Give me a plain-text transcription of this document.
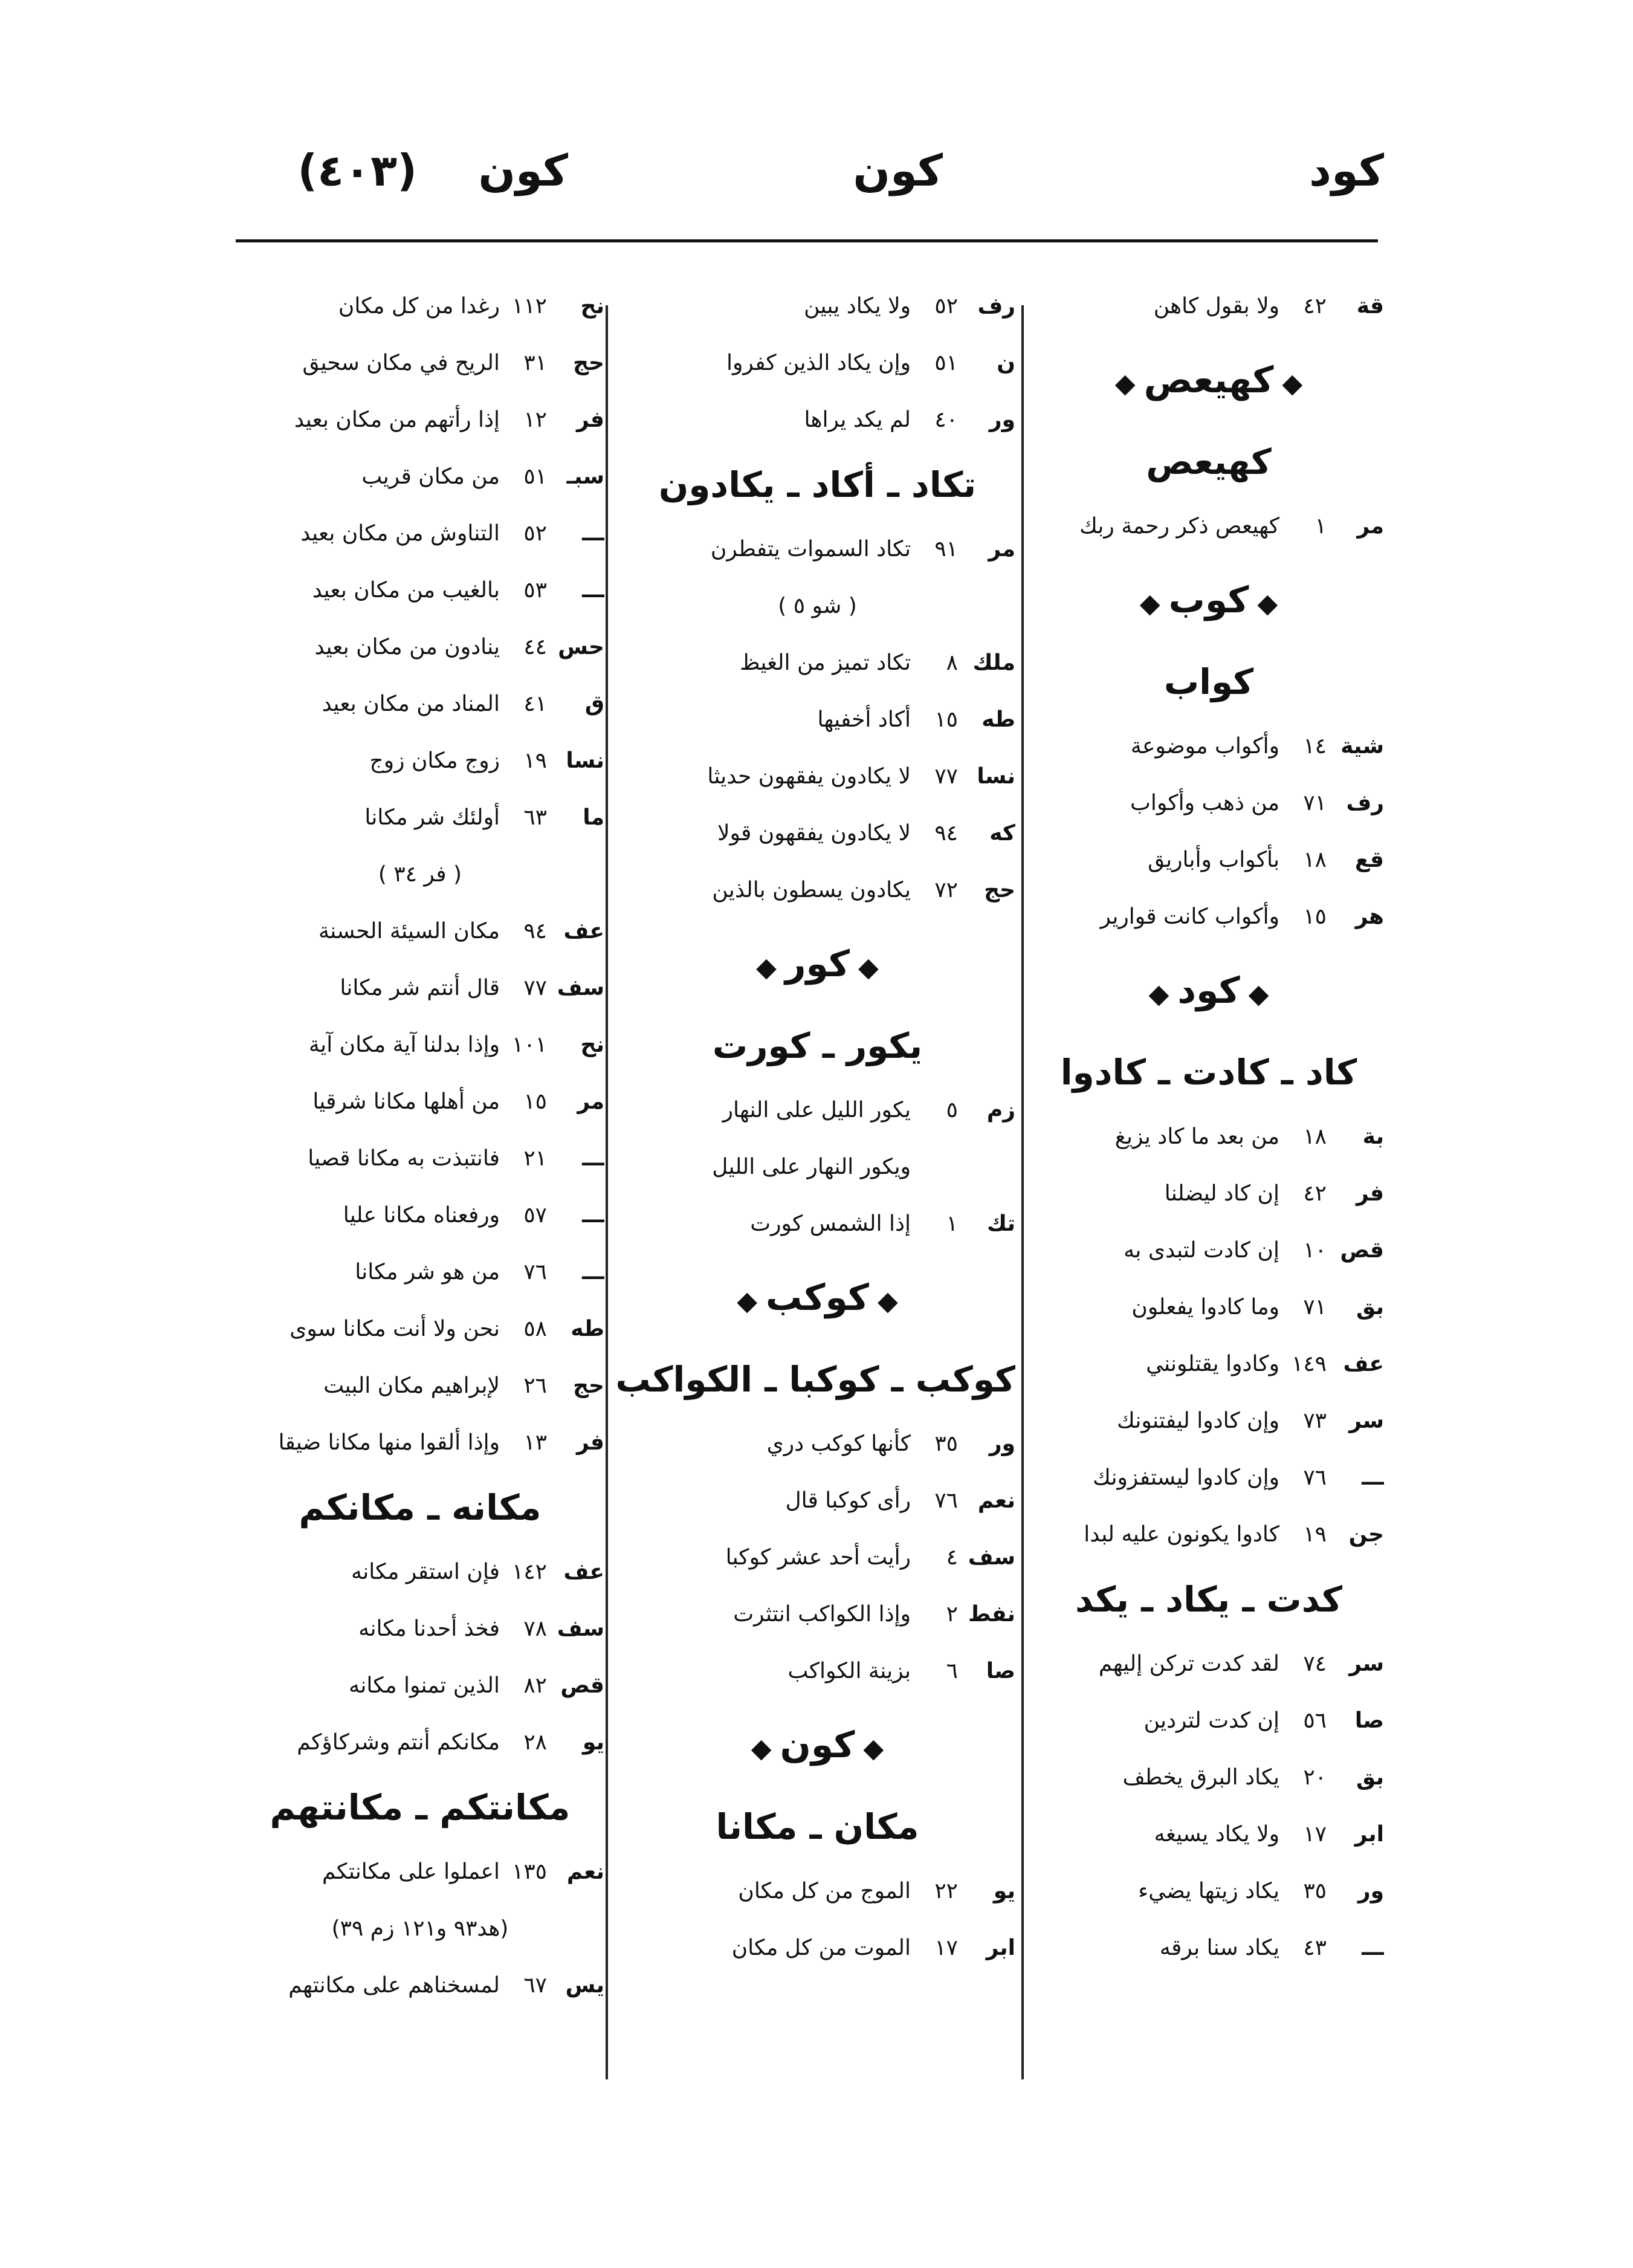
كود
كون
كون
(٤٠٣)
قة
٤٢
ولا بقول كاهن
◆كهيعص◆
كهيعص
مر
١
كهيعص ذكر رحمة ربك
◆كوب◆
كواب
شية
١٤
وأكواب موضوعة
رف
٧١
من ذهب وأكواب
قع
١٨
بأكواب وأباريق
هر
١٥
وأكواب كانت قوارير
◆كود◆
كاد ـ كادت ـ كادوا
بة
١٨
من بعد ما كاد يزيغ
فر
٤٢
إن كاد ليضلنا
قص
١٠
إن كادت لتبدى به
بق
٧١
وما كادوا يفعلون
عف
١٤٩
وكادوا يقتلونني
سر
٧٣
وإن كادوا ليفتنونك
ـــ
٧٦
وإن كادوا ليستفزونك
جن
١٩
كادوا يكونون عليه لبدا
كدت ـ يكاد ـ يكد
سر
٧٤
لقد كدت تركن إليهم
صا
٥٦
إن كدت لتردين
بق
٢٠
يكاد البرق يخطف
ابر
١٧
ولا يكاد يسيغه
ور
٣٥
يكاد زيتها يضيء
ـــ
٤٣
يكاد سنا برقه
رف
٥٢
ولا يكاد يبين
ن
٥١
وإن يكاد الذين كفروا
ور
٤٠
لم يكد يراها
تكاد ـ أكاد ـ يكادون
مر
٩١
تكاد السموات يتفطرن
( شو ٥ )
ملك
٨
تكاد تميز من الغيظ
طه
١٥
أكاد أخفيها
نسا
٧٧
لا يكادون يفقهون حديثا
كه
٩٤
لا يكادون يفقهون قولا
حج
٧٢
يكادون يسطون بالذين
◆كور◆
يكور ـ كورت
زم
٥
يكور الليل على النهار
ويكور النهار على الليل
تك
١
إذا الشمس كورت
◆كوكب◆
كوكب ـ كوكبا ـ الكواكب
ور
٣٥
كأنها كوكب دري
نعم
٧٦
رأى كوكبا قال
سف
٤
رأيت أحد عشر كوكبا
نفط
٢
وإذا الكواكب انتثرت
صا
٦
بزينة الكواكب
◆كون◆
مكان ـ مكانا
يو
٢٢
الموج من كل مكان
ابر
١٧
الموت من كل مكان
نح
١١٢
رغدا من كل مكان
حج
٣١
الريح في مكان سحيق
فر
١٢
إذا رأتهم من مكان بعيد
سبـ
٥١
من مكان قريب
ـــ
٥٢
التناوش من مكان بعيد
ـــ
٥٣
بالغيب من مكان بعيد
حس
٤٤
ينادون من مكان بعيد
ق
٤١
المناد من مكان بعيد
نسا
١٩
زوج مكان زوج
ما
٦٣
أولئك شر مكانا
( فر ٣٤ )
عف
٩٤
مكان السيئة الحسنة
سف
٧٧
قال أنتم شر مكانا
نح
١٠١
وإذا بدلنا آية مكان آية
مر
١٥
من أهلها مكانا شرقيا
ـــ
٢١
فانتبذت به مكانا قصيا
ـــ
٥٧
ورفعناه مكانا عليا
ـــ
٧٦
من هو شر مكانا
طه
٥٨
نحن ولا أنت مكانا سوى
حج
٢٦
لإبراهيم مكان البيت
فر
١٣
وإذا ألقوا منها مكانا ضيقا
مكانه ـ مكانكم
عف
١٤٢
فإن استقر مكانه
سف
٧٨
فخذ أحدنا مكانه
قص
٨٢
الذين تمنوا مكانه
يو
٢٨
مكانكم أنتم وشركاؤكم
مكانتكم ـ مكانتهم
نعم
١٣٥
اعملوا على مكانتكم
(هد٩٣ و١٢١ زم ٣٩)
يس
٦٧
لمسخناهم على مكانتهم
